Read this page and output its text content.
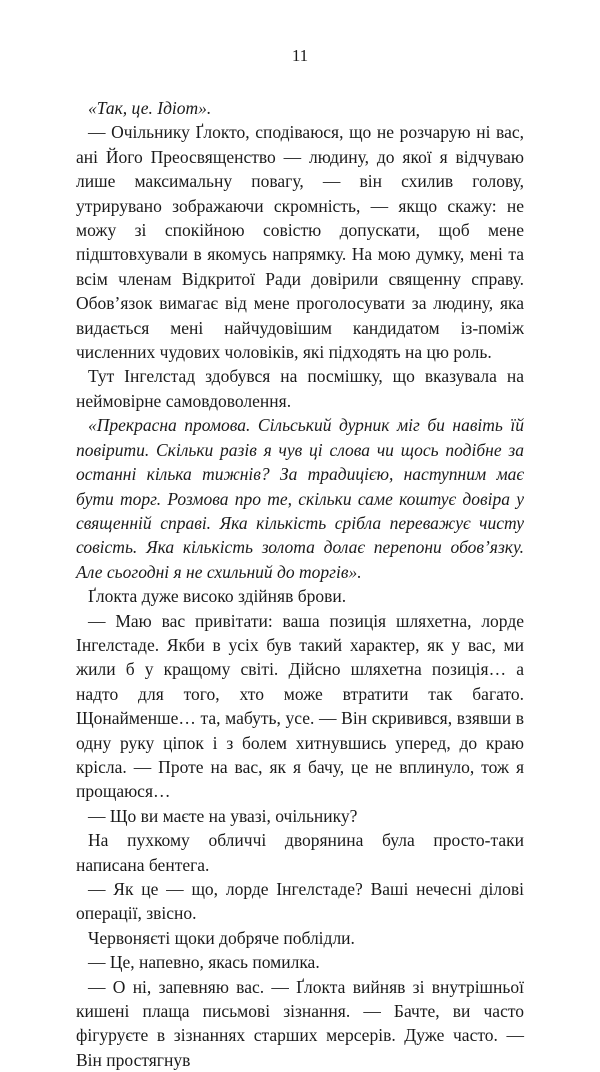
11

«Так, це. Ідіот».

— Очільнику Ґлокто, сподіваюся, що не розчарую ні вас, ані Його Преосвященство — людину, до якої я відчуваю лише максимальну повагу, — він схилив голову, утрируванo зображаючи скромність, — якщо скажу: не можу зі спокійною совістю допускати, щоб мене підштовхували в якомусь напрямку. На мою думку, мені та всім членам Відкритої Ради довірили священну справу. Обов’язок вимагає від мене проголосувати за людину, яка видається мені найчудовішим кандидатом із-поміж численних чудових чоловіків, які підходять на цю роль.

Тут Інгелстад здобувся на посмішку, що вказувала на неймовірне самовдоволення.

«Прекрасна промова. Сільський дурник міг би навіть їй повірити. Скільки разів я чув ці слова чи щось подібне за останні кілька тижнів? За традицією, наступним має бути торг. Розмова про те, скільки саме коштує довіра у священній справі. Яка кількість срібла переважує чисту совість. Яка кількість золота долає перепони обов’язку. Але сьогодні я не схильний до торгів».

Ґлокта дуже високо здійняв брови.

— Маю вас привітати: ваша позиція шляхетна, лорде Інгелстаде. Якби в усіх був такий характер, як у вас, ми жили б у кращому світі. Дійсно шляхетна позиція… а надто для того, хто може втратити так багато. Щонайменше… та, мабуть, усе. — Він скривився, взявши в одну руку ціпок і з болем хитнувшись уперед, до краю крісла. — Проте на вас, як я бачу, це не вплинуло, тож я прощаюся…

— Що ви маєте на увазі, очільнику?

На пухкому обличчі дворянина була просто-таки написана бентега.

— Як це — що, лорде Інгелстаде? Ваші нечесні ділові операції, звісно.

Червоняєті щоки добряче поблідли.

— Це, напевно, якась помилка.

— О ні, запевняю вас. — Ґлокта вийняв зі внутрішньої кишені плаща письмові зізнання. — Бачте, ви часто фігуруєте в зізнаннях старших мерсерів. Дуже часто. — Він простягнув
